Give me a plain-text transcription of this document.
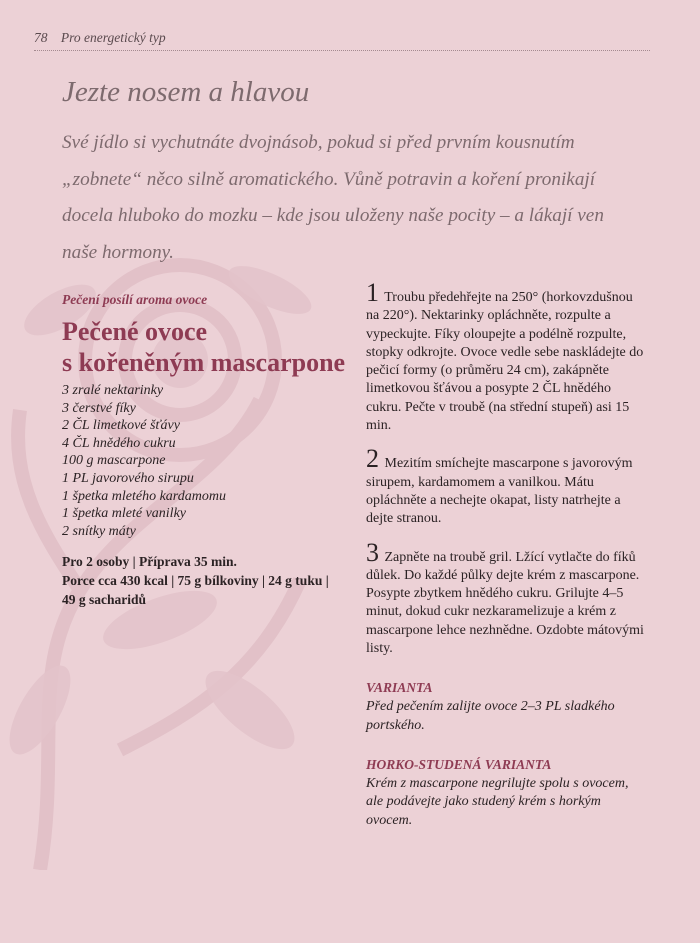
78 Pro energetický typ
Jezte nosem a hlavou

Své jídlo si vychutnáte dvojnásob, pokud si před prvním kousnutím
„zobnete“ něco silně aromatického. Vůně potravin a koření pronikají
docela hluboko do mozku – kde jsou uloženy naše pocity – a lákají ven
naše hormony.

Pečení posílí aroma ovoce

Pečené ovoce
s kořeněným mascarpone
3 zralé nektarinky
3 čerstvé fíky
2 ČL limetkové šťávy
4 ČL hnědého cukru
100 g mascarpone
1 PL javorového sirupu
1 špetka mletého kardamomu
1 špetka mleté vanilky
2 snítky máty
Pro 2 osoby | Příprava 35 min.
Porce cca 430 kcal | 75 g bílkoviny | 24 g tuku |
49 g sacharidů

1 Troubu předehřejte na 250° (horkovzdušnou na 220°). Nektarinky opláchněte, rozpulte a vypeckujte. Fíky oloupejte a podélně rozpulte, stopky odkrojte. Ovoce vedle sebe naskládejte do pečicí formy (o průměru 24 cm), zakápněte limetkovou šťávou a posypte 2 ČL hnědého cukru. Pečte v troubě (na střední stupeň) asi 15 min.

2 Mezitím smíchejte mascarpone s javorovým sirupem, kardamomem a vanilkou. Mátu opláchněte a nechejte okapat, listy natrhejte a dejte stranou.

3 Zapněte na troubě gril. Lžící vytlačte do fíků důlek. Do každé půlky dejte krém z mascarpone. Posypte zbytkem hnědého cukru. Grilujte 4–5 minut, dokud cukr nezkaramelizuje a krém z mascarpone lehce nezhnědne. Ozdobte mátovými listy.

VARIANTA

Před pečením zalijte ovoce 2–3 PL sladkého portského.

HORKO-STUDENÁ VARIANTA

Krém z mascarpone negrilujte spolu s ovocem, ale podávejte jako studený krém s horkým ovocem.
